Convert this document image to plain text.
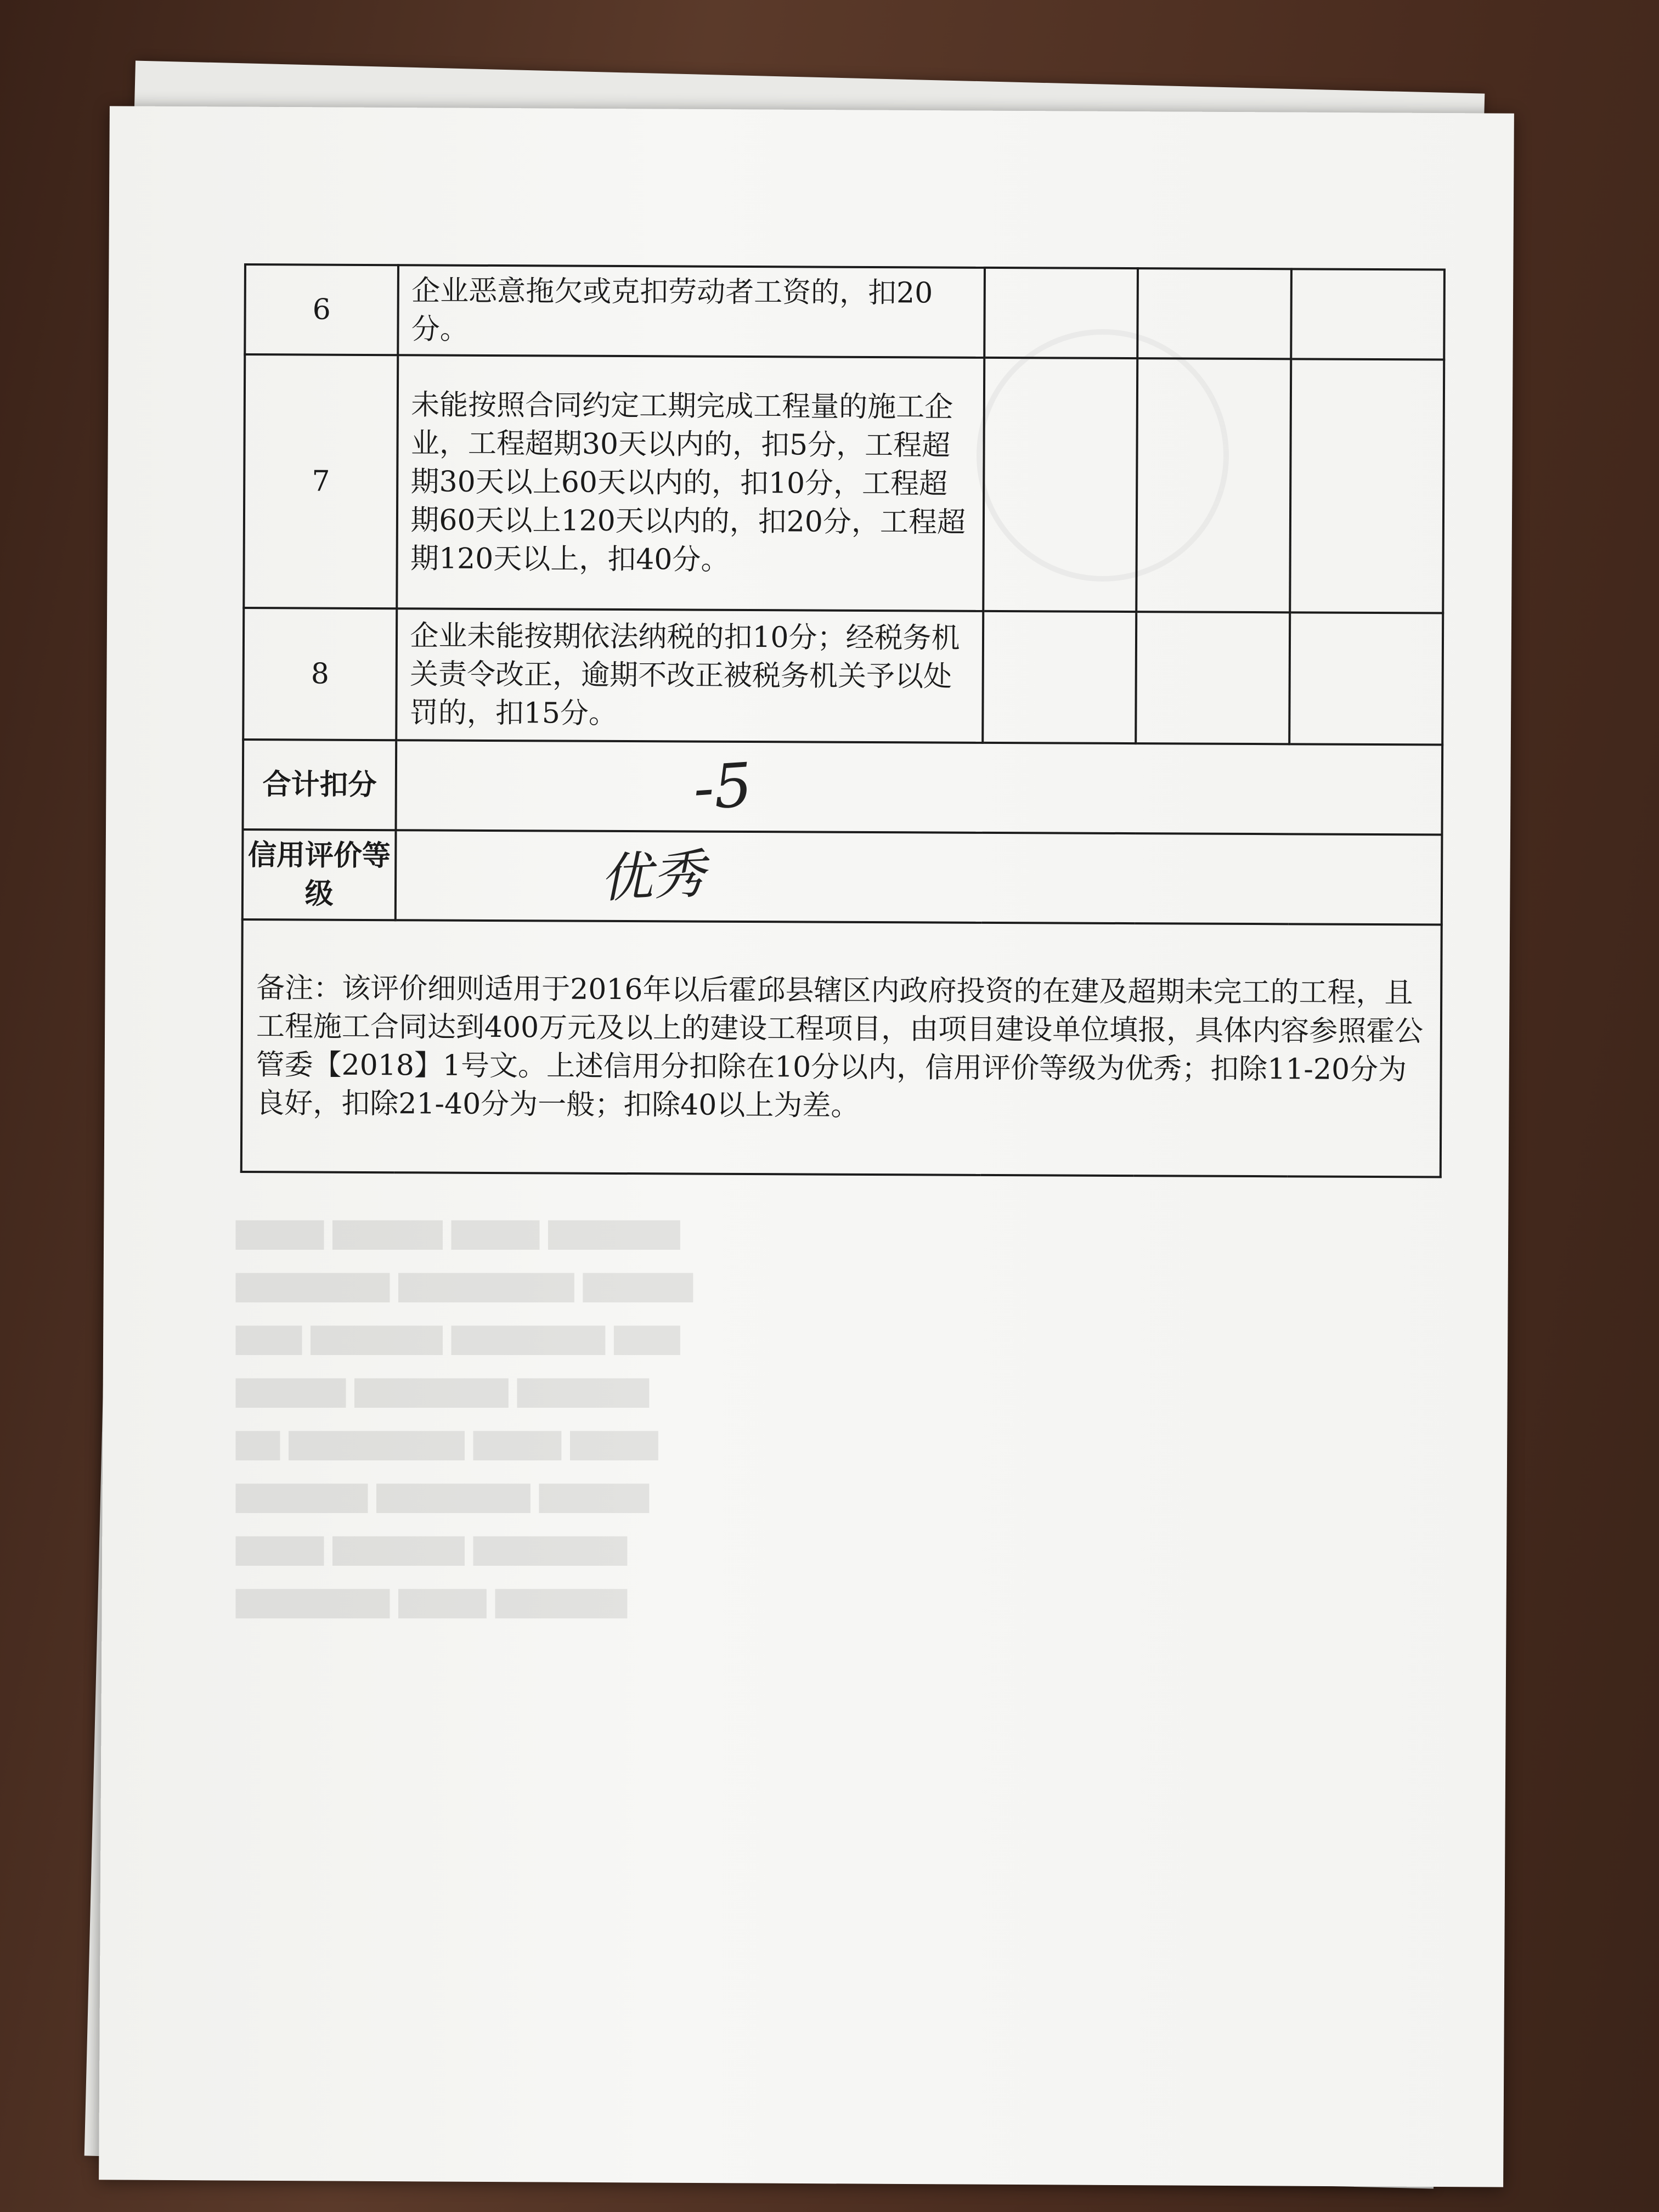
▇▇▇▇ ▇▇▇▇▇ ▇▇▇▇ ▇▇▇▇▇▇
▇▇▇▇▇▇▇ ▇▇▇▇▇▇▇▇ ▇▇▇▇▇
▇▇▇ ▇▇▇▇▇▇ ▇▇▇▇▇▇▇ ▇▇▇
▇▇▇▇▇ ▇▇▇▇▇▇▇ ▇▇▇▇▇▇
▇▇ ▇▇▇▇▇▇▇▇ ▇▇▇▇ ▇▇▇▇
▇▇▇▇▇▇ ▇▇▇▇▇▇▇ ▇▇▇▇▇
▇▇▇▇ ▇▇▇▇▇▇ ▇▇▇▇▇▇▇
▇▇▇▇▇▇▇ ▇▇▇▇ ▇▇▇▇▇▇
6	企业恶意拖欠或克扣劳动者工资的，扣20分。			
7	未能按照合同约定工期完成工程量的施工企业，工程超期30天以内的，扣5分，工程超期30天以上60天以内的，扣10分，工程超期60天以上120天以内的，扣20分，工程超期120天以上，扣40分。			
8	企业未能按期依法纳税的扣10分；经税务机关责令改正，逾期不改正被税务机关予以处罚的，扣15分。			
合计扣分	-5			
信用评价等级	优秀			
备注：该评价细则适用于2016年以后霍邱县辖区内政府投资的在建及超期未完工的工程，且工程施工合同达到400万元及以上的建设工程项目，由项目建设单位填报，具体内容参照霍公管委【2018】1号文。上述信用分扣除在10分以内，信用评价等级为优秀；扣除11-20分为良好，扣除21-40分为一般；扣除40以上为差。				
